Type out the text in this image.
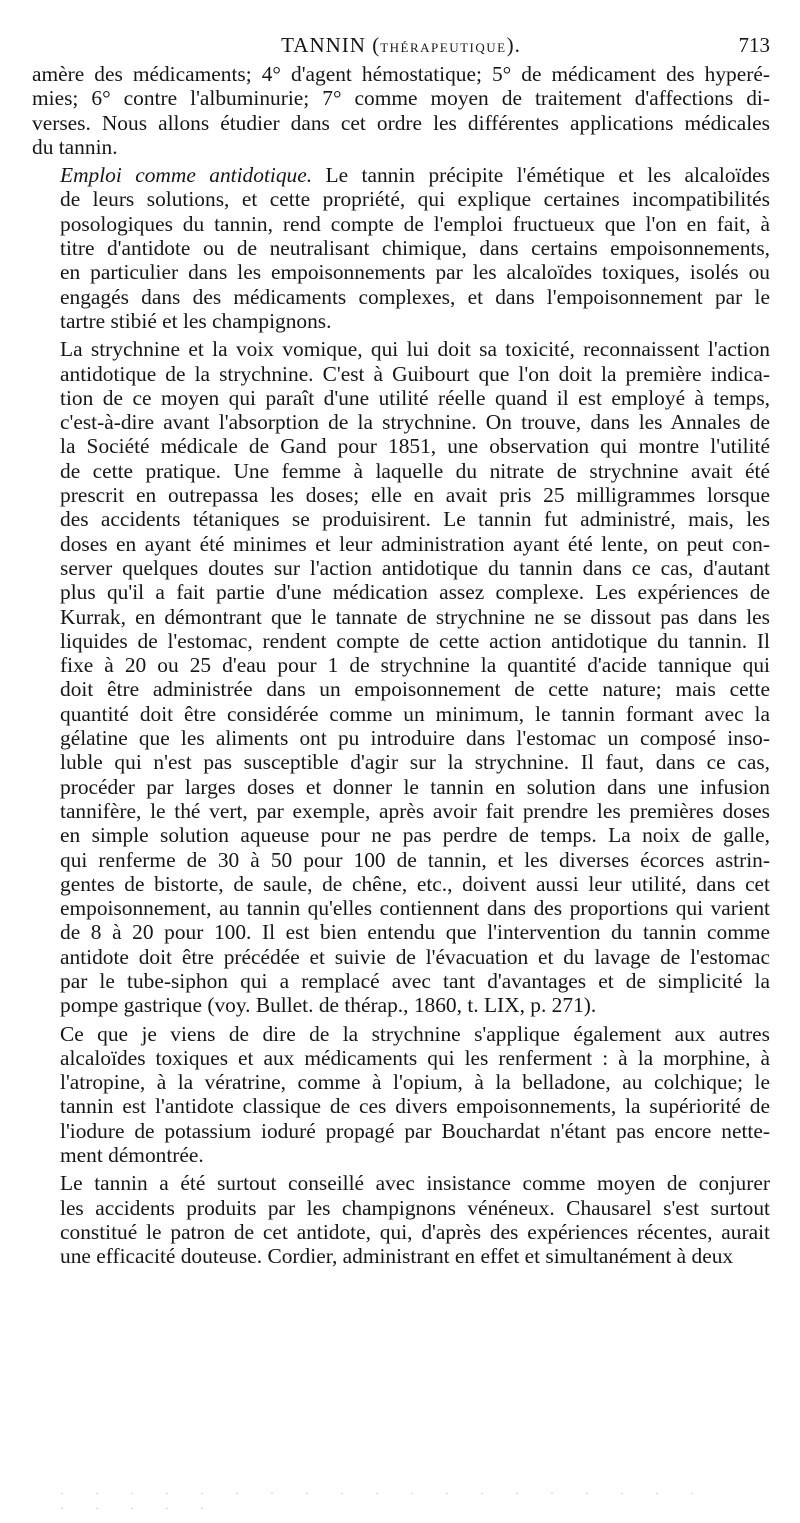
TANNIN (THÉRAPEUTIQUE).	713

amère des médicaments; 4° d'agent hémostatique; 5° de médicament des hyperé-
mies; 6° contre l'albuminurie; 7° comme moyen de traitement d'affections di-
verses. Nous allons étudier dans cet ordre les différentes applications médicales
du tannin.

Emploi comme antidotique. Le tannin précipite l'émétique et les alcaloïdes
de leurs solutions, et cette propriété, qui explique certaines incompatibilités
posologiques du tannin, rend compte de l'emploi fructueux que l'on en fait, à
titre d'antidote ou de neutralisant chimique, dans certains empoisonnements,
en particulier dans les empoisonnements par les alcaloïdes toxiques, isolés ou
engagés dans des médicaments complexes, et dans l'empoisonnement par le
tartre stibié et les champignons.

La strychnine et la voix vomique, qui lui doit sa toxicité, reconnaissent l'action
antidotique de la strychnine. C'est à Guibourt que l'on doit la première indica-
tion de ce moyen qui paraît d'une utilité réelle quand il est employé à temps,
c'est-à-dire avant l'absorption de la strychnine. On trouve, dans les Annales de
la Société médicale de Gand pour 1851, une observation qui montre l'utilité
de cette pratique. Une femme à laquelle du nitrate de strychnine avait été
prescrit en outrepassa les doses; elle en avait pris 25 milligrammes lorsque
des accidents tétaniques se produisirent. Le tannin fut administré, mais, les
doses en ayant été minimes et leur administration ayant été lente, on peut con-
server quelques doutes sur l'action antidotique du tannin dans ce cas, d'autant
plus qu'il a fait partie d'une médication assez complexe. Les expériences de
Kurrak, en démontrant que le tannate de strychnine ne se dissout pas dans les
liquides de l'estomac, rendent compte de cette action antidotique du tannin. Il
fixe à 20 ou 25 d'eau pour 1 de strychnine la quantité d'acide tannique qui
doit être administrée dans un empoisonnement de cette nature; mais cette
quantité doit être considérée comme un minimum, le tannin formant avec la
gélatine que les aliments ont pu introduire dans l'estomac un composé inso-
luble qui n'est pas susceptible d'agir sur la strychnine. Il faut, dans ce cas,
procéder par larges doses et donner le tannin en solution dans une infusion
tannifère, le thé vert, par exemple, après avoir fait prendre les premières doses
en simple solution aqueuse pour ne pas perdre de temps. La noix de galle,
qui renferme de 30 à 50 pour 100 de tannin, et les diverses écorces astrin-
gentes de bistorte, de saule, de chêne, etc., doivent aussi leur utilité, dans cet
empoisonnement, au tannin qu'elles contiennent dans des proportions qui varient
de 8 à 20 pour 100. Il est bien entendu que l'intervention du tannin comme
antidote doit être précédée et suivie de l'évacuation et du lavage de l'estomac
par le tube-siphon qui a remplacé avec tant d'avantages et de simplicité la
pompe gastrique (voy. Bullet. de thérap., 1860, t. LIX, p. 271).

Ce que je viens de dire de la strychnine s'applique également aux autres
alcaloïdes toxiques et aux médicaments qui les renferment : à la morphine, à
l'atropine, à la vératrine, comme à l'opium, à la belladone, au colchique; le
tannin est l'antidote classique de ces divers empoisonnements, la supériorité de
l'iodure de potassium ioduré propagé par Bouchardat n'étant pas encore nette-
ment démontrée.

Le tannin a été surtout conseillé avec insistance comme moyen de conjurer
les accidents produits par les champignons vénéneux. Chausarel s'est surtout
constitué le patron de cet antidote, qui, d'après des expériences récentes, aurait
une efficacité douteuse. Cordier, administrant en effet et simultanément à deux

· · · · · · · · · · · · · · · · · · · · · · · ·
